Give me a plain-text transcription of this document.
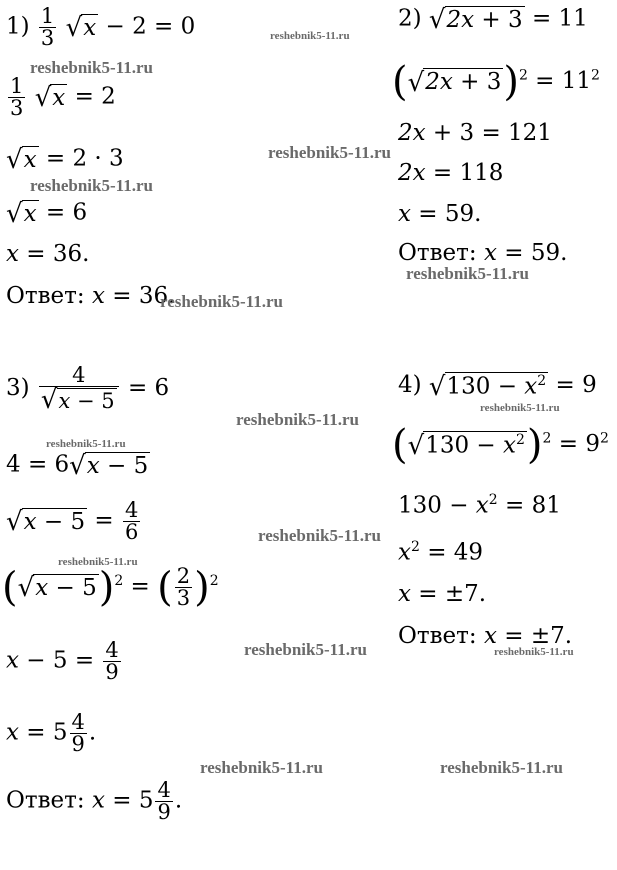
$1) \frac{1}{3}$
√ x − 2 = 0
$\frac{1}{3}$
√ x = 2
√ x = 2 · 3
√ x = 6
x = 36.
Ответ: x = 36.
2) √ 2x + 3 = 11
( √ 2x + 3 )$^2 = 11^2$
2x + 3 = 121
2x = 118
x = 59.
Ответ: x = 59.
$3) \frac{4}{√ x - 5} = 6$
4 = 6 √ x − 5
√ $x - 5 = \frac{4}{6}$
( √ x − 5 )$^2$ = ( $\frac{2}{3} )^2$
$x - 5 = \frac{4}{9}$
$x = 5 \frac{4}{9}$ .
Ответ: $x = 5 \frac{4}{9}$ .
4) √ $130 - x^2 = 9$
( √ $130 - x^2$ )$^2 = 9^2$
$130 - x^2 = 81$
$x^2 = 49$
x = ±7.
Ответ: x = ±7.
reshebnik5-11.ru
reshebnik5-11.ru
reshebnik5-11.ru
reshebnik5-11.ru
reshebnik5-11.ru
reshebnik5-11.ru
reshebnik5-11.ru
reshebnik5-11.ru
reshebnik5-11.ru
reshebnik5-11.ru
reshebnik5-11.ru
reshebnik5-11.ru	reshebnik5-11.ru
reshebnik5-11.ru	reshebnik5-11.ru
